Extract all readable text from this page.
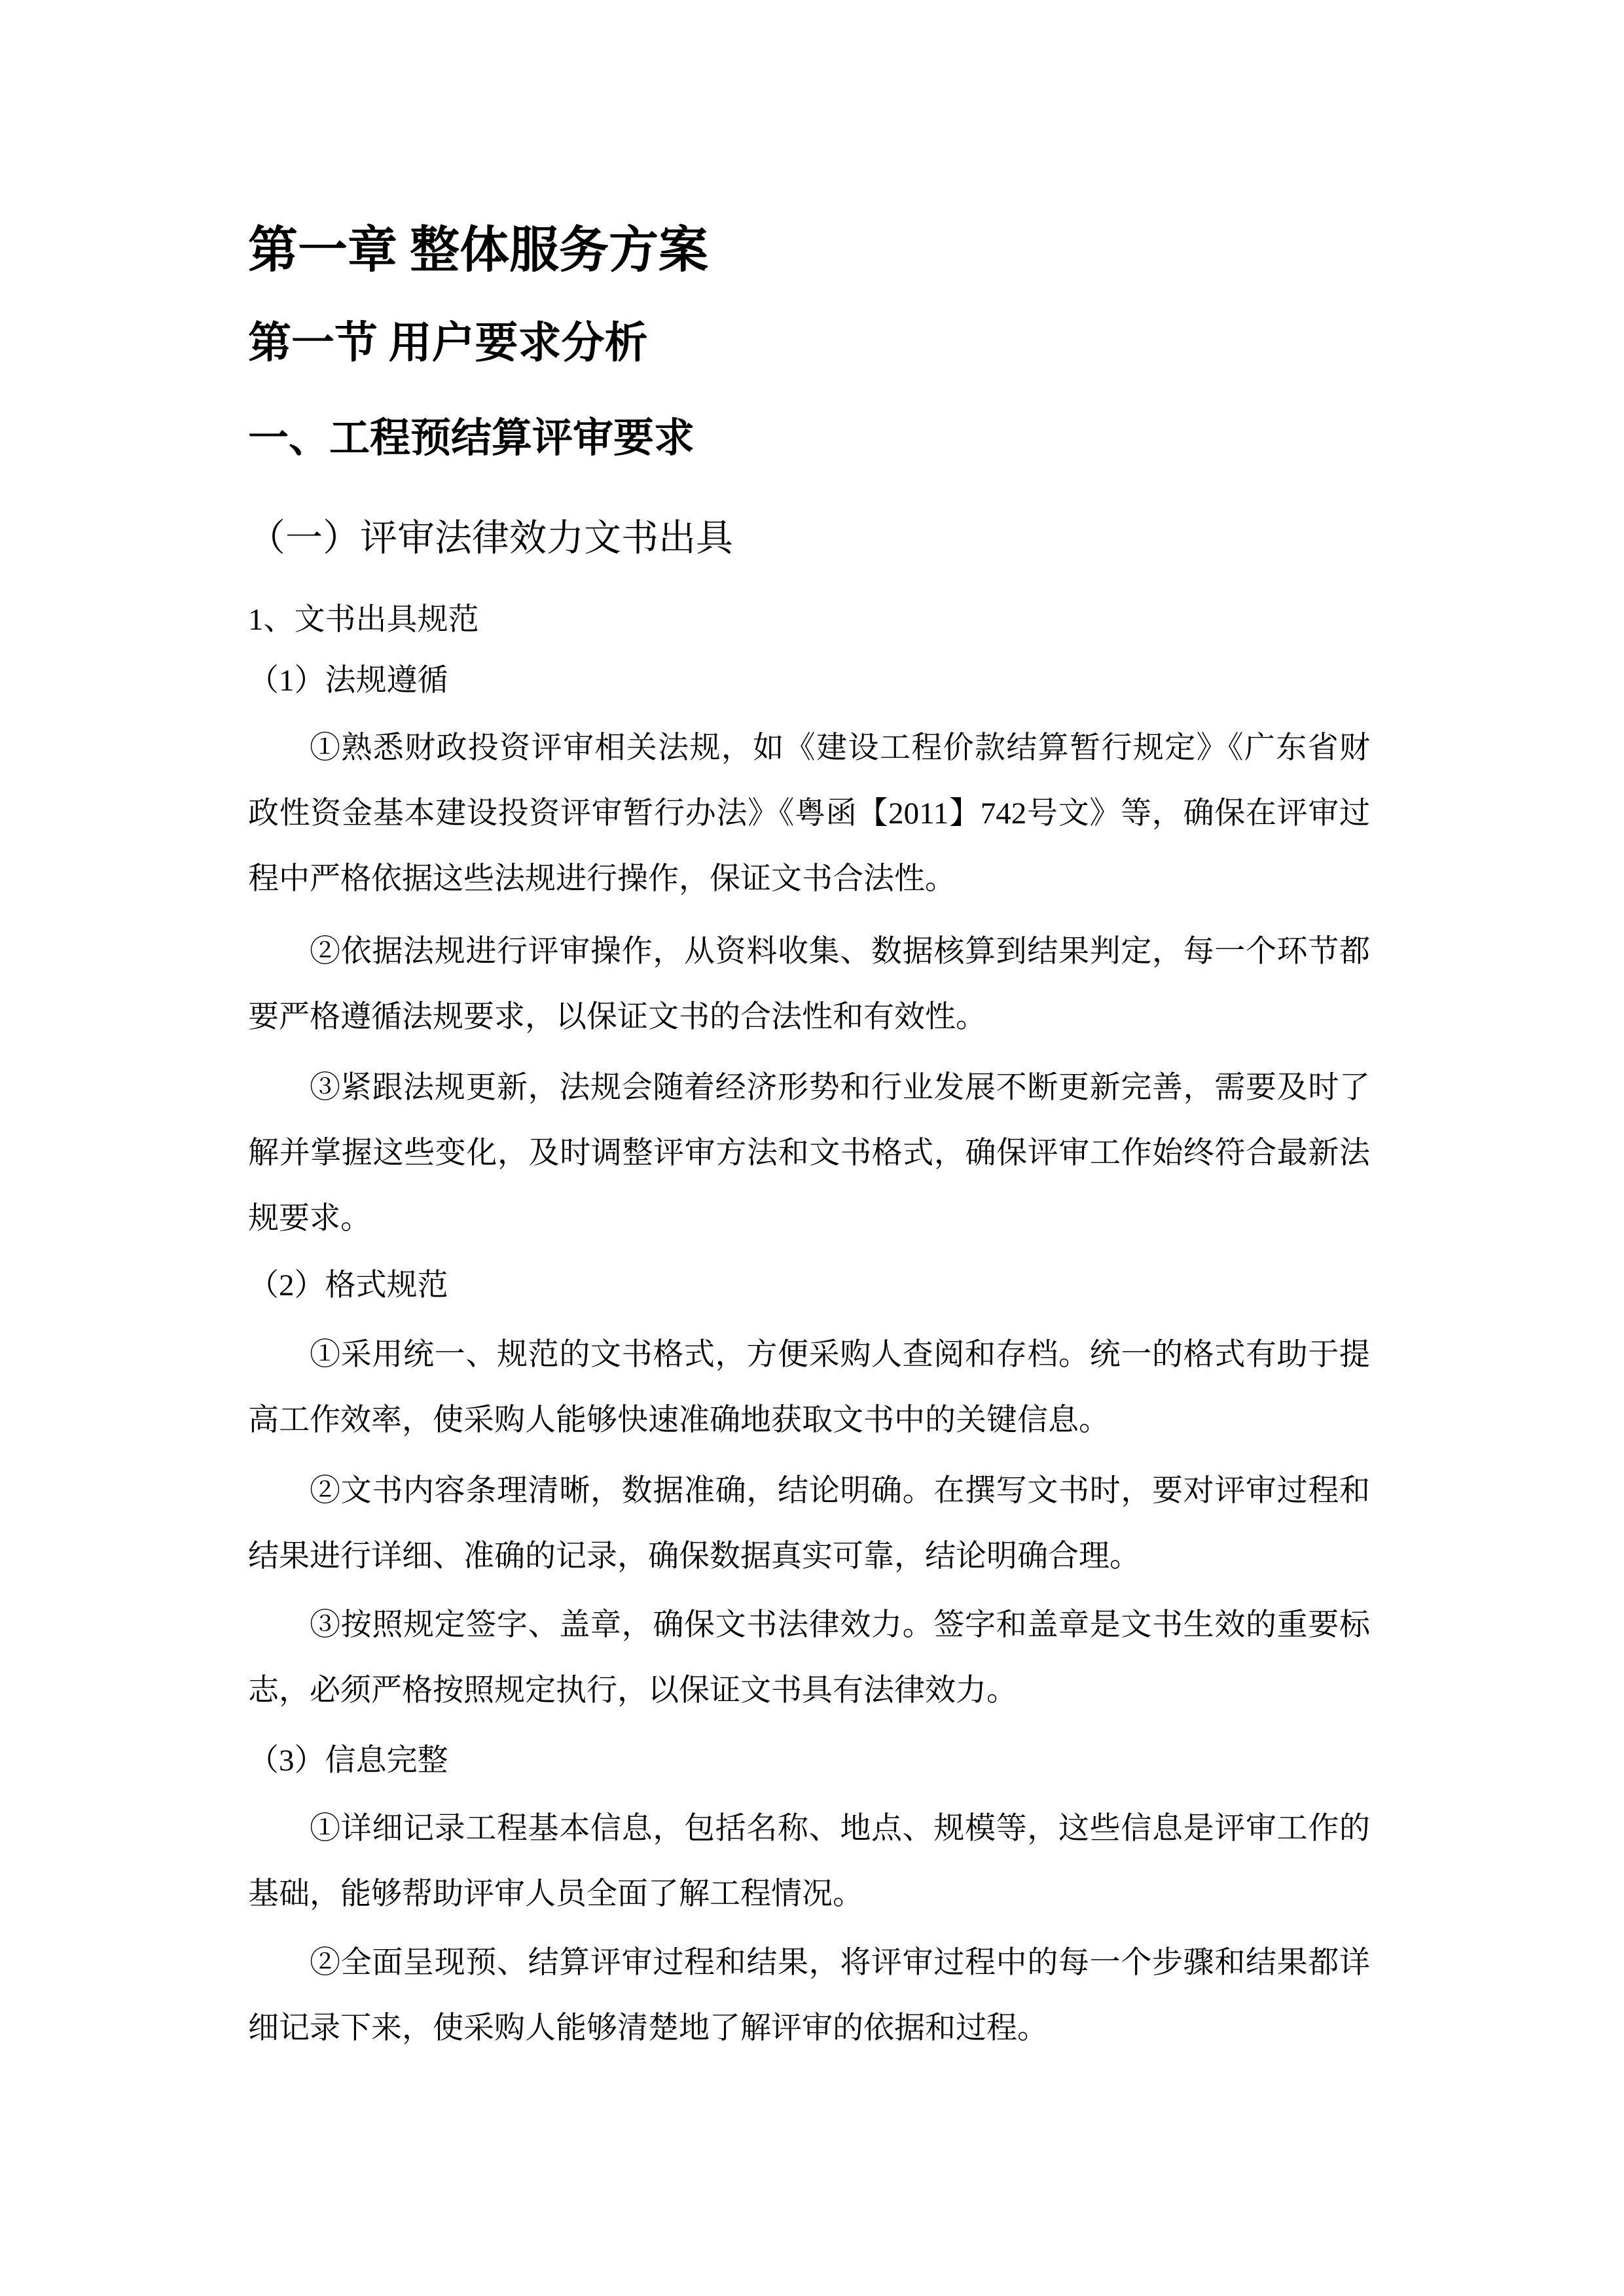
第一章 整体服务方案
第一节 用户要求分析
一、工程预结算评审要求
（一）评审法律效力文书出具
1、文书出具规范
（1）法规遵循
①熟悉财政投资评审相关法规，如《建设工程价款结算暂行规定》《广东省财政性资金基本建设投资评审暂行办法》《粤函【2011】742号文》等，确保在评审过程中严格依据这些法规进行操作，保证文书合法性。
②依据法规进行评审操作，从资料收集、数据核算到结果判定，每一个环节都要严格遵循法规要求，以保证文书的合法性和有效性。
③紧跟法规更新，法规会随着经济形势和行业发展不断更新完善，需要及时了解并掌握这些变化，及时调整评审方法和文书格式，确保评审工作始终符合最新法规要求。
（2）格式规范
①采用统一、规范的文书格式，方便采购人查阅和存档。统一的格式有助于提高工作效率，使采购人能够快速准确地获取文书中的关键信息。
②文书内容条理清晰，数据准确，结论明确。在撰写文书时，要对评审过程和结果进行详细、准确的记录，确保数据真实可靠，结论明确合理。
③按照规定签字、盖章，确保文书法律效力。签字和盖章是文书生效的重要标志，必须严格按照规定执行，以保证文书具有法律效力。
（3）信息完整
①详细记录工程基本信息，包括名称、地点、规模等，这些信息是评审工作的基础，能够帮助评审人员全面了解工程情况。
②全面呈现预、结算评审过程和结果，将评审过程中的每一个步骤和结果都详细记录下来，使采购人能够清楚地了解评审的依据和过程。
